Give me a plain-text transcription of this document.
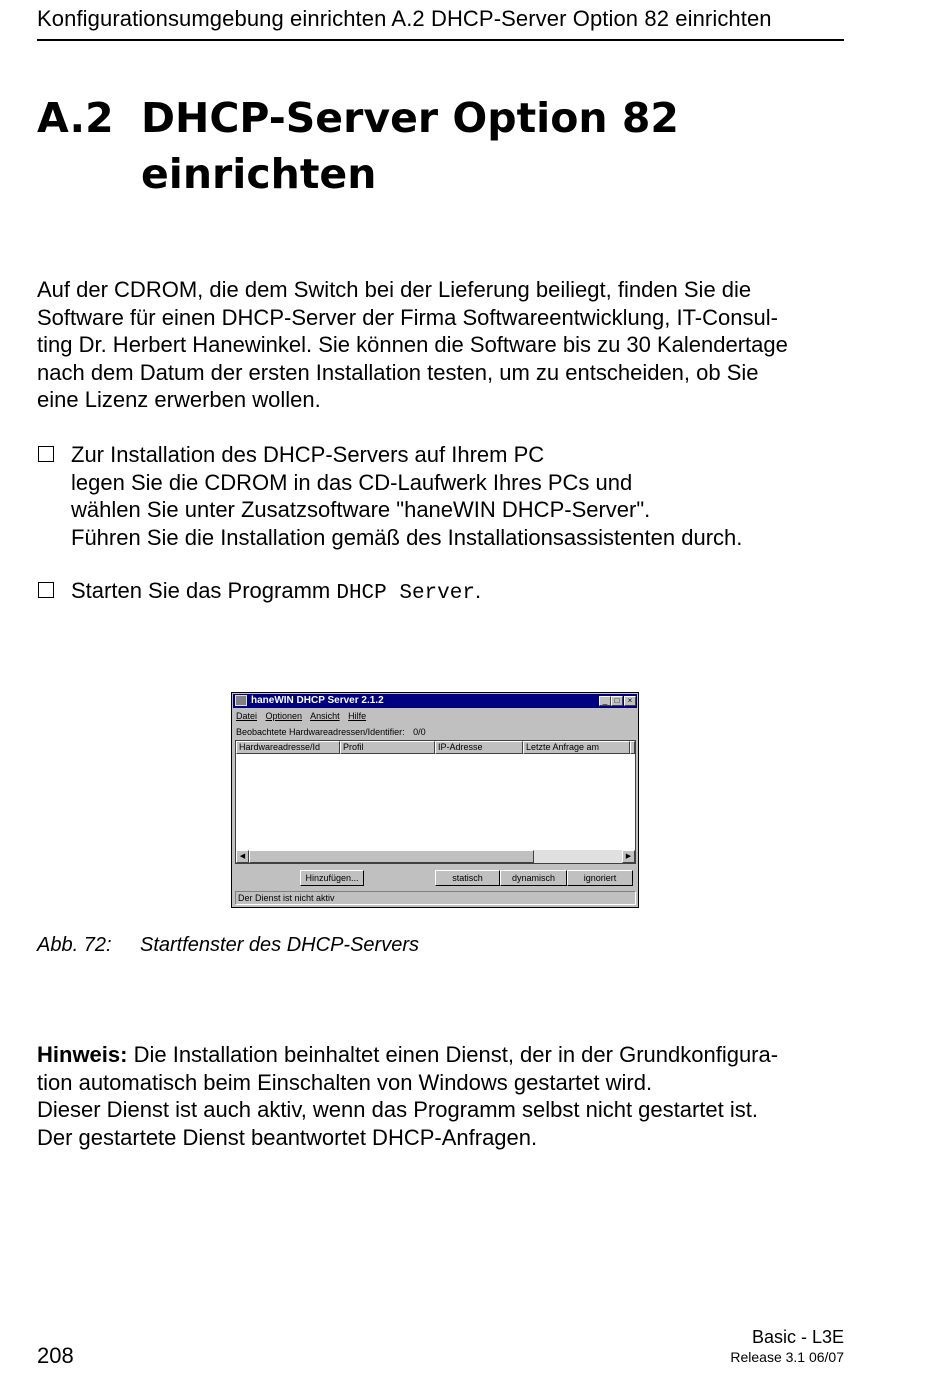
Konfigurationsumgebung einrichten A.2 DHCP-Server Option 82 einrichten
A.2 DHCP-Server Option 82
einrichten
Auf der CDROM, die dem Switch bei der Lieferung beiliegt, finden Sie die
Software für einen DHCP-Server der Firma Softwareentwicklung, IT-Consul-
ting Dr. Herbert Hanewinkel. Sie können die Software bis zu 30 Kalendertage
nach dem Datum der ersten Installation testen, um zu entscheiden, ob Sie
eine Lizenz erwerben wollen.
Zur Installation des DHCP-Servers auf Ihrem PC
legen Sie die CDROM in das CD-Laufwerk Ihres PCs und
wählen Sie unter Zusatzsoftware "haneWIN DHCP-Server".
Führen Sie die Installation gemäß des Installationsassistenten durch.
Starten Sie das Programm DHCP Server.
haneWIN DHCP Server 2.1.2	_ □	×
Datei Optionen Ansicht Hilfe
Beobachtete Hardwareadressen/Identifier: 0/0
Hardwareadresse/Id	Profil	IP-Adresse	Letzte Anfrage am
◀	▶
Hinzufügen...	statisch	dynamisch	ignoriert
Der Dienst ist nicht aktiv
Abb. 72: Startfenster des DHCP-Servers
Hinweis: Die Installation beinhaltet einen Dienst, der in der Grundkonfigura-
tion automatisch beim Einschalten von Windows gestartet wird.
Dieser Dienst ist auch aktiv, wenn das Programm selbst nicht gestartet ist.
Der gestartete Dienst beantwortet DHCP-Anfragen.
208
Basic - L3E
Release 3.1 06/07
